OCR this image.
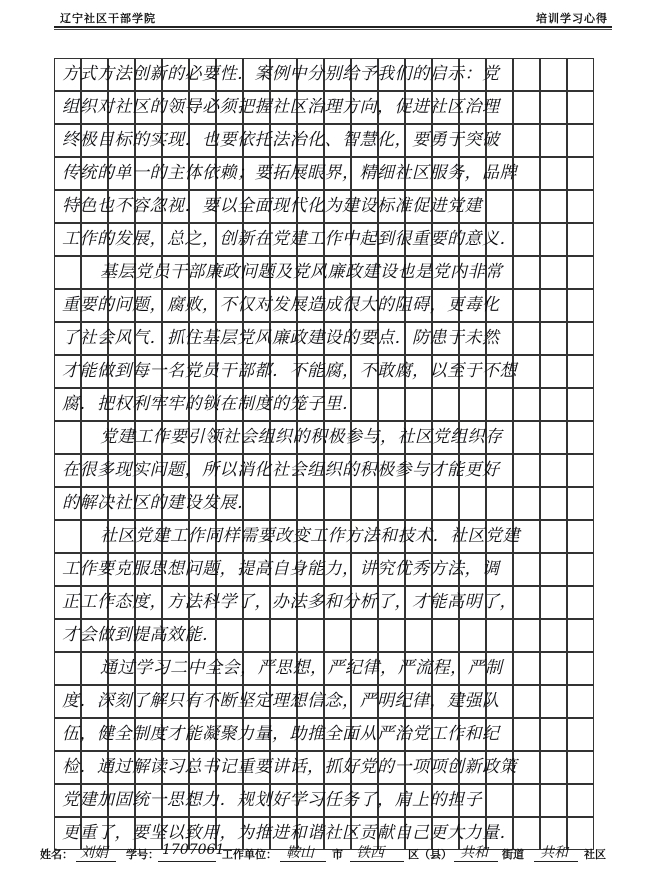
辽宁社区干部学院	培训学习心得
方式方法创新的必要性．案例中分别给予我们的启示：党
组织对社区的领导必须把握社区治理方向，促进社区治理
终极目标的实现．也要依托法治化、智慧化，要勇于突破
传统的单一的主体依赖；要拓展眼界，精细社区服务，品牌
特色也不容忽视．要以全面现代化为建设标准促进党建
工作的发展，总之，创新在党建工作中起到很重要的意义．
基层党员干部廉政问题及党风廉政建设也是党内非常
重要的问题，腐败，不仅对发展造成很大的阻碍，更毒化
了社会风气．抓住基层党风廉政建设的要点．防患于未然
才能做到每一名党员干部都．不能腐，不敢腐，以至于不想
腐．把权利牢牢的锁在制度的笼子里．
党建工作要引领社会组织的积极参与，社区党组织存
在很多现实问题，所以消化社会组织的积极参与才能更好
的解决社区的建设发展．
社区党建工作同样需要改变工作方法和技术．社区党建
工作要克服思想问题，提高自身能力，讲究优秀方法，调
正工作态度，方法科学了，办法多和分析了，才能高明了，
才会做到提高效能．
通过学习二中全会，严思想，严纪律，严流程，严制
度．深刻了解只有不断坚定理想信念，严明纪律，建强队
伍，健全制度才能凝聚力量，助推全面从严治党工作和纪
检．通过解读习总书记重要讲话，抓好党的一项项创新政策
党建加固统一思想力．规划好学习任务了，肩上的担子
更重了，要坚以致用，为推进和谐社区贡献自己更大力量．
姓名： 刘娟 学号： 1707061
工作单位： 鞍山 市 铁西 区（县） 共和 街道 共和 社区
